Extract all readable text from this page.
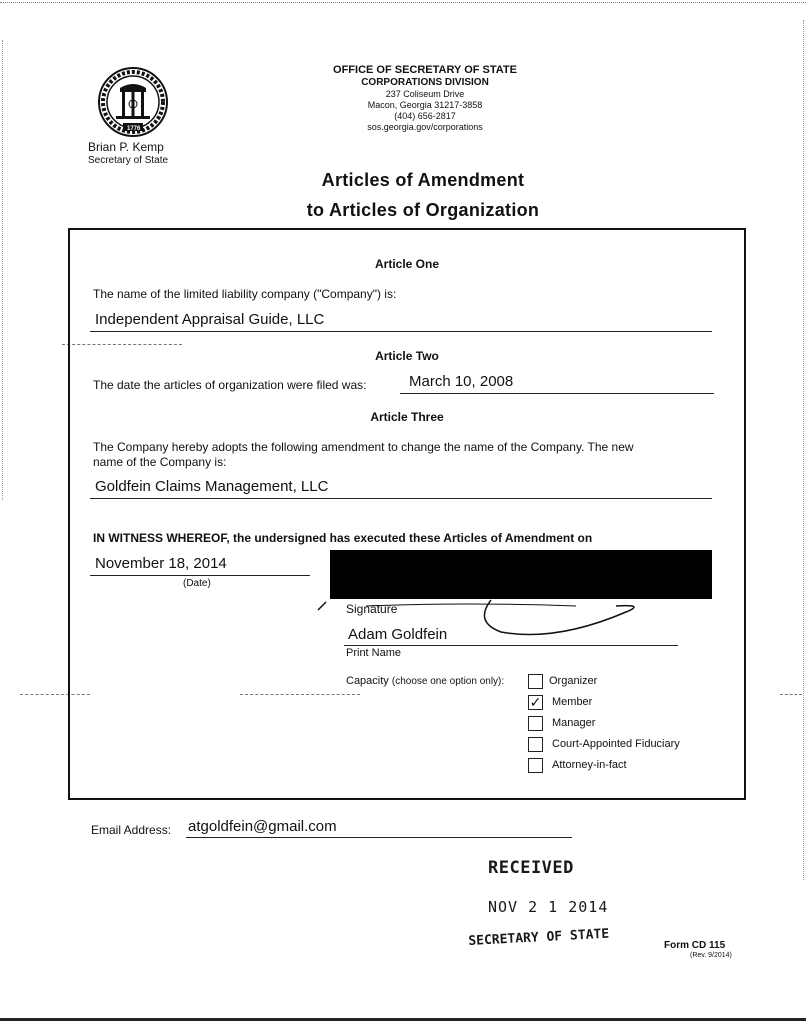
1776
Brian P. Kemp
Secretary of State
OFFICE OF SECRETARY OF STATE
CORPORATIONS DIVISION
237 Coliseum Drive
Macon, Georgia 31217-3858
(404) 656-2817
sos.georgia.gov/corporations
Articles of Amendment
to Articles of Organization
Article One
The name of the limited liability company ("Company") is:
Independent Appraisal Guide, LLC
Article Two
The date the articles of organization were filed was:	March 10, 2008
Article Three
The Company hereby adopts the following amendment to change the name of the Company. The new
name of the Company is:
Goldfein Claims Management, LLC
IN WITNESS WHEREOF, the undersigned has executed these Articles of Amendment on
November 18, 2014
(Date)
Signature
Adam Goldfein
Print Name
Capacity (choose one option only):	Organizer
✓ Member
Manager
Court-Appointed Fiduciary
Attorney-in-fact
Email Address: atgoldfein@gmail.com
RECEIVED
NOV 2 1 2014
SECRETARY OF STATE	Form CD 115
(Rev. 9/2014)
